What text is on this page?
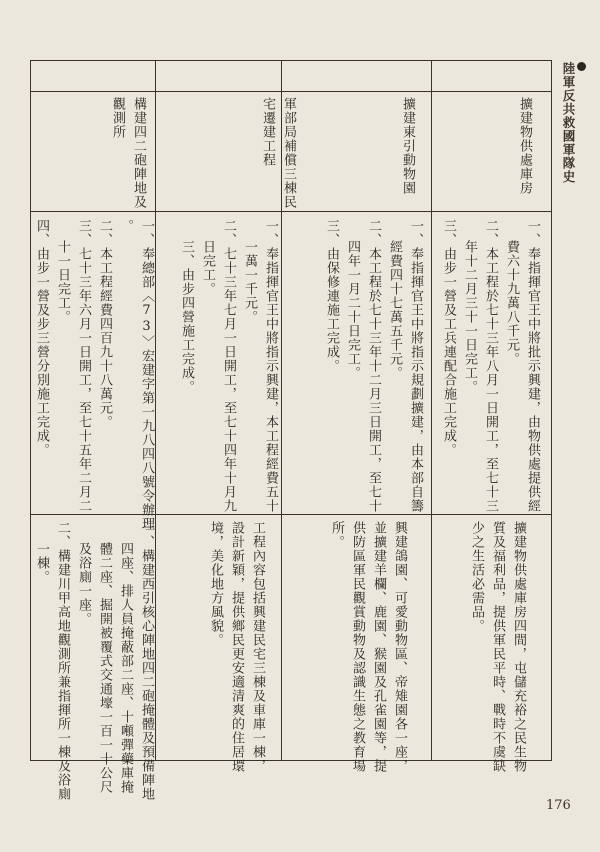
陸軍反共救國軍隊史
擴建物供處庫房
一、奉指揮官王中將批示興建，由物供處提供經
費六十九萬八千元。
二、本工程於七十三年八月一日開工，至七十三
年十二月三十一日完工。
三、由步一營及工兵連配合施工完成。
擴建物供處庫房四間，屯儲充裕之民生物
質及福利品，提供軍民平時、戰時不虞缺
少之生活必需品。
擴建東引動物園
一、奉指揮官王中將指示規劃擴建，由本部自籌
經費四十七萬五千元。
二、本工程於七十三年十二月三日開工，至七十
四年一月二十日完工。
三、由保修連施工完成。
興建鴿園、可愛動物區、帝雉園各一座，
並擴建羊欄、鹿園、猴園及孔雀園等，提
供防區軍民觀賞動物及認識生態之教育場
所。
軍部局補償三棟民
宅遷建工程
一、奉指揮官王中將指示興建，本工程經費五十
一萬一千元。
二、七十三年七月一日開工，至七十四年十月九
日完工。
三、由步四營施工完成。
工程內容包括興建民宅三棟及車庫一棟，
設計新穎，提供鄉民更安適清爽的住居環
境，美化地方風貌。
構建四二砲陣地及
觀測所
一、奉總部〈73〉宏建字第一九八四八號令辦理
。
二、本工程經費四百九十八萬元。
三、七十三年六月一日開工，至七十五年二月二
十一日完工。
四、由步一營及步三營分別施工完成。
一、構建西引核心陣地四二砲掩體及預備陣地
四座、排人員掩蔽部二座、十噸彈藥庫掩
體二座、掘開被覆式交通壕一百一十公尺
及浴廁一座。
二、構建川甲高地觀測所兼指揮所一棟及浴廁
一棟。
176
